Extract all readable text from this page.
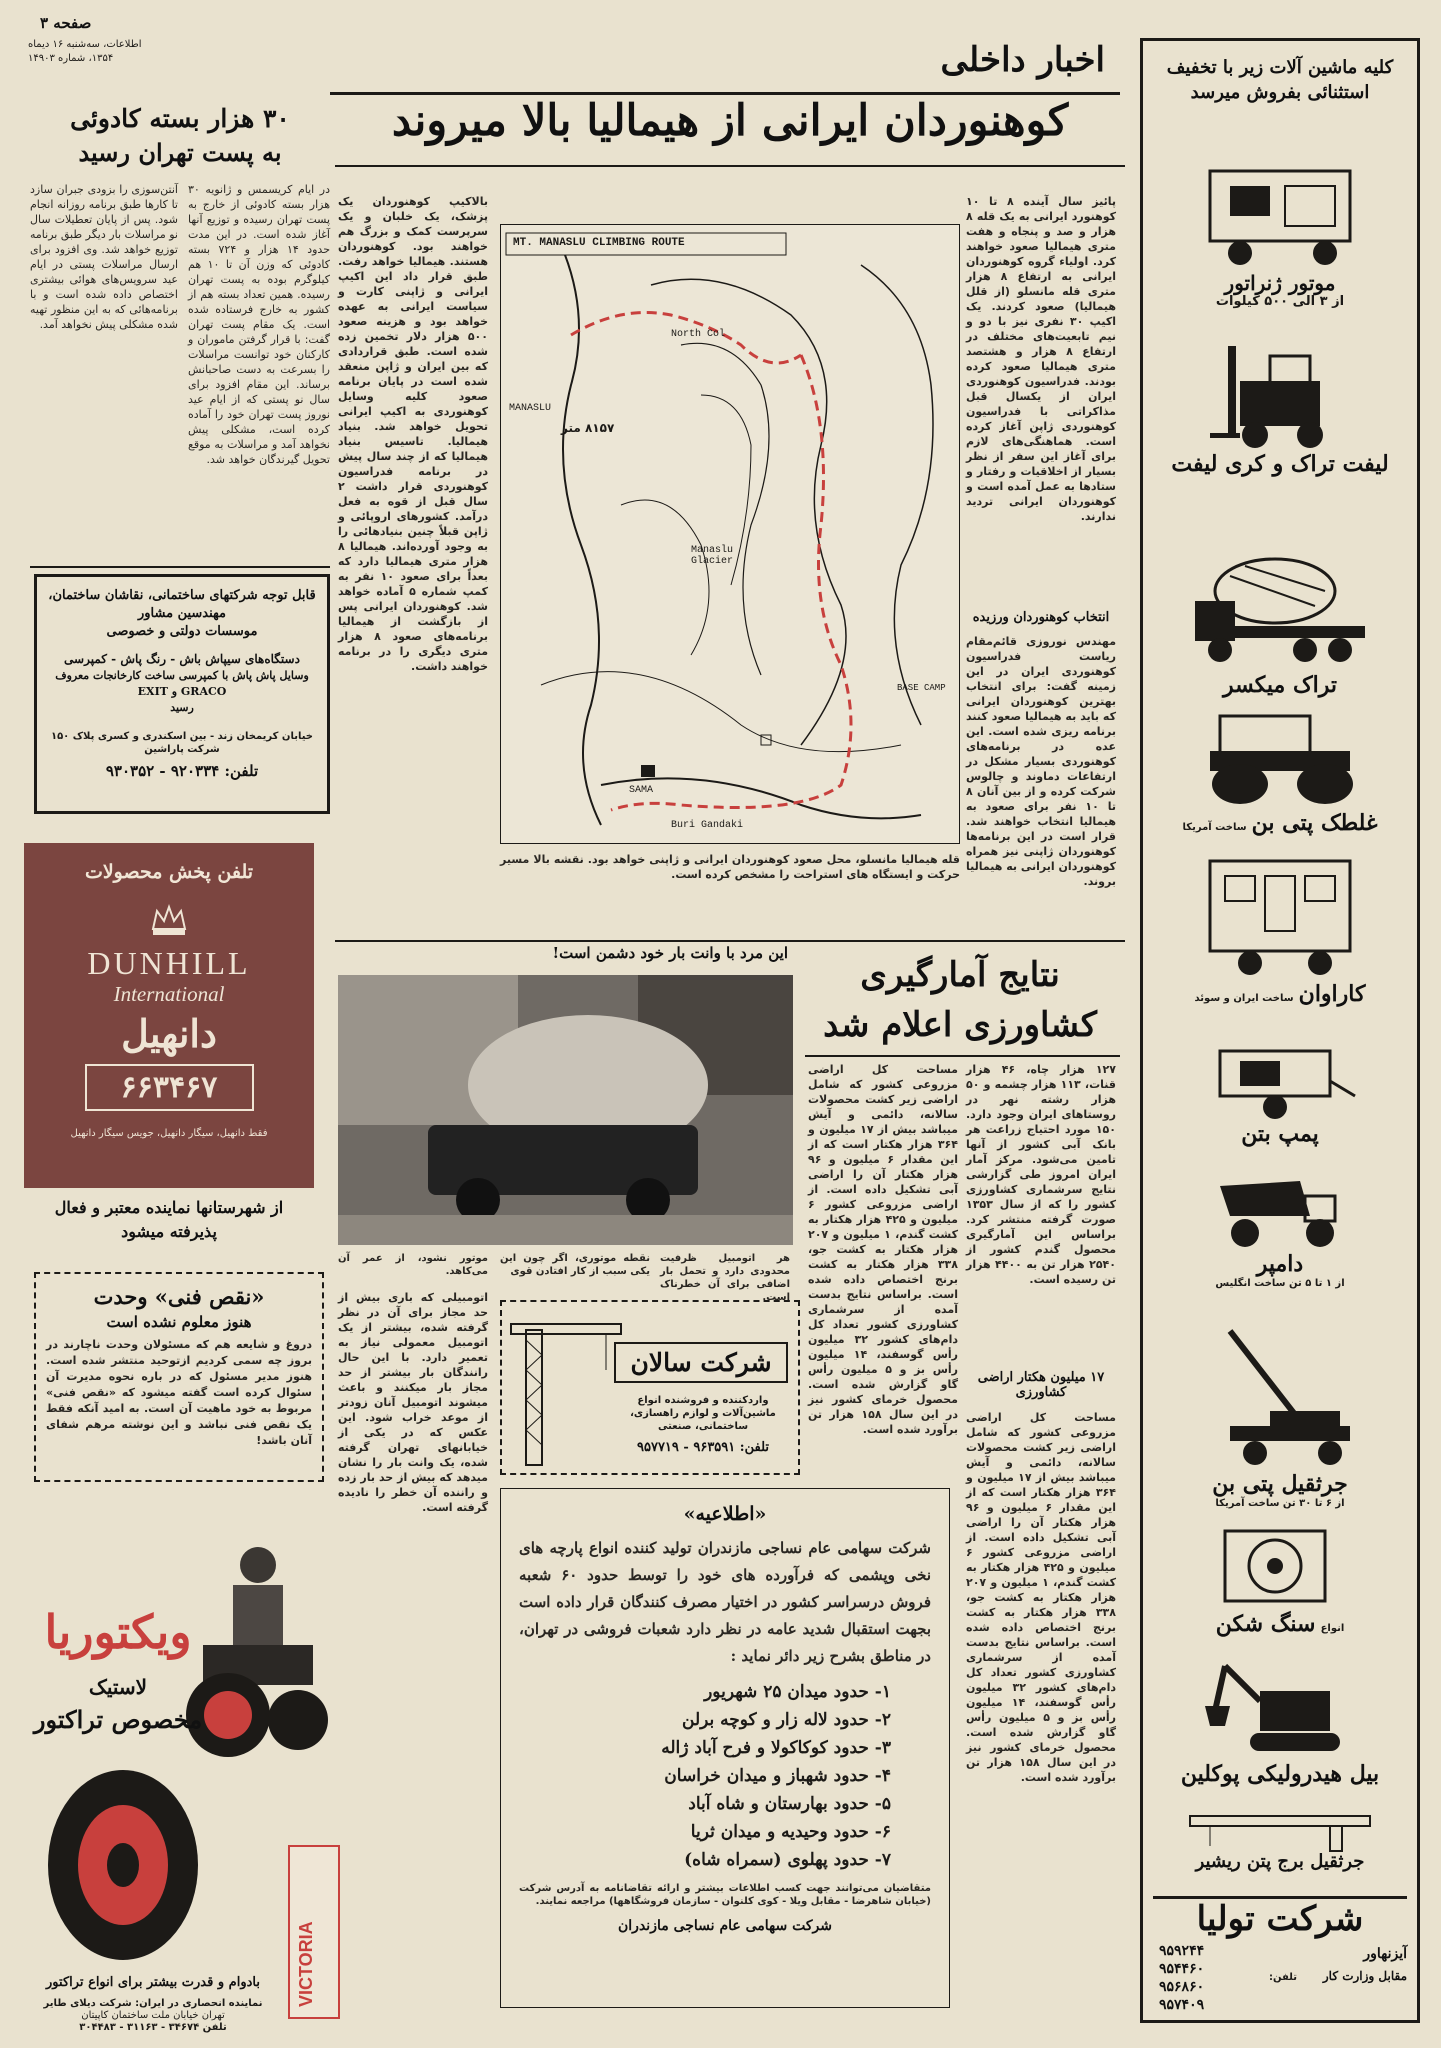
صفحه ۳
اطلاعات، سه‌شنبه ۱۶ دیماه
۱۳۵۴، شماره ۱۴۹۰۳	اخبار داخلی
۳۰ هزار بسته کادوئی
به پست تهران رسید
در ایام کریسمس و ژانویه ۳۰ هزار بسته کادوئی از خارج به پست تهران رسیده و توزیع آنها آغاز شده است. در این مدت حدود ۱۴ هزار و ۷۲۴ بسته کادوئی که وزن آن تا ۱۰ هم کیلوگرم بوده به پست تهران رسیده. همین تعداد بسته هم از کشور به خارج فرستاده شده است. یک مقام پست تهران گفت: با قرار گرفتن ماموران و کارکنان خود توانست مراسلات را بسرعت به دست صاحبانش برساند. این مقام افزود برای سال نو پستی که از ایام عید نوروز پست تهران خود را آماده کرده است، مشکلی پیش نخواهد آمد و مراسلات به موقع تحویل گیرندگان خواهد شد.
آنتن‌سوزی را بزودی جبران سازد تا کارها طبق برنامه روزانه انجام شود. پس از پایان تعطیلات سال نو مراسلات بار دیگر طبق برنامه توزیع خواهد شد. وی افزود برای ارسال مراسلات پستی در ایام عید سرویس‌های هوائی بیشتری اختصاص داده شده است و با برنامه‌هائی که به این منظور تهیه شده مشکلی پیش نخواهد آمد.
قابل توجه شرکتهای ساختمانی، نقاشان ساختمان، مهندسین مشاور
موسسات دولتی و خصوصی
دستگاه‌های سیپاش باش - رنگ پاش - کمپرسی
وسایل پاش پاش با کمپرسی ساخت کارخانجات معروف GRACO و EXIT
رسید
خیابان کریمخان زند - بین اسکندری و کسری پلاک ۱۵۰ شرکت پاراشین
تلفن: ۹۲۰۳۳۴ - ۹۳۰۳۵۲
تلفن پخش محصولات
DUNHILL
International
دانهیل
۶۶۳۴۶۷
فقط دانهیل، سیگار دانهیل، جویس سیگار دانهیل
از شهرستانها نماینده معتبر و فعال
پذیرفته میشود
«نقص فنی» وحدت
هنوز معلوم نشده است
دروغ و شایعه هم که مسئولان وحدت ناچارند در بروز چه سمی کردیم ازتوحید منتشر شده است. هنوز مدیر مسئول که در باره نحوه مدیرت آن سئوال کرده است گفته میشود که «نقص فنی» مربوط به خود ماهیت آن است. به امید آنکه فقط یک نقص فنی نباشد و این نوشته مرهم شفای آنان باشد!
ویکتوریا
لاستیک
مخصوص تراکتور
بادوام و قدرت بیشتر برای انواع تراکتور
نماینده انحصاری در ایران: شرکت دیلای طایر
تهران خیابان ملت ساختمان کاپیتان
تلفن ۳۴۶۷۴ - ۳۱۱۶۳ - ۳۰۴۴۸۳
VICTORIA
کوهنوردان ایرانی از هیمالیا بالا میروند
پائیز سال آینده ۸ تا ۱۰ کوهنورد ایرانی به یک قله ۸ هزار و صد و پنجاه و هفت متری هیمالیا صعود خواهند کرد. اولیاء گروه کوهنوردان ایرانی به ارتفاع ۸ هزار متری قله مانسلو (از قلل هیمالیا) صعود کردند. یک اکیپ ۳۰ نفری نیز با دو و نیم تابعیت‌های مختلف در ارتفاع ۸ هزار و هشتصد متری هیمالیا صعود کرده بودند. فدراسیون کوهنوردی ایران از یکسال قبل مذاکراتی با فدراسیون کوهنوردی ژاپن آغاز کرده است. هماهنگی‌های لازم برای آغاز این سفر از نظر بسیار از اخلاقیات و رفتار و ستادها به عمل آمده است و کوهنوردان ایرانی تردید ندارند.
انتخاب کوهنوردان ورزیده
مهندس نوروزی قائم‌مقام ریاست فدراسیون کوهنوردی ایران در این زمینه گفت: برای انتخاب بهترین کوهنوردان ایرانی که باید به هیمالیا صعود کنند برنامه ریزی شده است. این عده در برنامه‌های کوهنوردی بسیار مشکل در ارتفاعات دماوند و چالوس شرکت کرده و از بین آنان ۸ تا ۱۰ نفر برای صعود به هیمالیا انتخاب خواهند شد. قرار است در این برنامه‌ها کوهنوردان ژاپنی نیز همراه کوهنوردان ایرانی به هیمالیا بروند.
بالاکیپ کوهنوردان یک پزشک، یک خلبان و یک سرپرست کمک و بزرگ هم خواهند بود. کوهنوردان هستند. هیمالیا خواهد رفت. طبق قرار داد این اکیپ ایرانی و ژاپنی کارت و سیاست ایرانی به عهده خواهد بود و هزینه صعود ۵۰۰ هزار دلار تخمین زده شده است. طبق قراردادی که بین ایران و ژاپن منعقد شده است در پایان برنامه صعود کلیه وسایل کوهنوردی به اکیپ ایرانی تحویل خواهد شد. بنیاد هیمالیا. تاسیس بنیاد هیمالیا که از چند سال پیش در برنامه فدراسیون کوهنوردی قرار داشت ۲ سال قبل از قوه به فعل درآمد. کشورهای اروپائی و ژاپن قبلاً چنین بنیادهائی را به وجود آورده‌اند. هیمالیا ۸ هزار متری هیمالیا دارد که بعداً برای صعود ۱۰ نفر به کمپ شماره ۵ آماده خواهد شد. کوهنوردان ایرانی پس از بازگشت از هیمالیا برنامه‌های صعود ۸ هزار متری دیگری را در برنامه خواهند داشت.
MT. MANASLU CLIMBING ROUTE
North Col
MANASLU
۸۱۵۷ متر
Manaslu Glacier
BASE CAMP
SAMA
Buri Gandaki
قله هیمالیا مانسلو، محل صعود کوهنوردان ایرانی و ژاپنی خواهد بود. نقشه بالا مسیر حرکت و ایستگاه های استراحت را مشخص کرده است.
این مرد با وانت بار خود دشمن است!
هر اتومبیل ظرفیت محدودی دارد و تحمل بار اضافی برای آن خطرناک است.
نقطه موتوری، اگر چون این یکی سبب از کار افتادن قوی
موتور نشود، از عمر آن می‌کاهد.
اتومبیلی که باری بیش از حد مجاز برای آن در نظر گرفته شده، بیشتر از یک اتومبیل معمولی نیاز به تعمیر دارد. با این حال رانندگان بار بیشتر از حد مجاز بار میکنند و باعث میشوند اتومبیل آنان زودتر از موعد خراب شود. این عکس که در یکی از خیابانهای تهران گرفته شده، یک وانت بار را نشان میدهد که بیش از حد بار زده و راننده آن خطر را نادیده گرفته است.
شرکت سالان
واردکننده و فروشنده انواع ماشین‌آلات و لوازم راهسازی، ساختمانی، صنعتی
تلفن: ۹۶۳۵۹۱ - ۹۵۷۷۱۹
«اطلاعیه»
شرکت سهامی عام نساجی مازندران تولید کننده انواع پارچه های نخی وپشمی که فرآورده های خود را توسط حدود ۶۰ شعبه فروش درسراسر کشور در اختیار مصرف کنندگان قرار داده است بجهت استقبال شدید عامه در نظر دارد شعبات فروشی در تهران، در مناطق بشرح زیر دائر نماید :
۱- حدود میدان ۲۵ شهریور
۲- حدود لاله زار و کوچه برلن
۳- حدود کوکاکولا و فرح آباد ژاله
۴- حدود شهباز و میدان خراسان
۵- حدود بهارستان و شاه آباد
۶- حدود وحیدیه و میدان ثریا
۷- حدود پهلوی (سمراه شاه)
متقاضیان می‌توانند جهت کسب اطلاعات بیشتر و ارائه تقاضانامه به آدرس شرکت (خیابان شاهرضا - مقابل ویلا - کوی کلنوان - سازمان فروشگاهها) مراجعه نمایند.
شرکت سهامی عام نساجی مازندران
نتایج آمارگیری
کشاورزی اعلام شد
۱۲۷ هزار چاه، ۴۶ هزار قنات، ۱۱۳ هزار چشمه و ۵۰ هزار رشته نهر در روستاهای ایران وجود دارد. ۱۵۰ مورد احتیاج زراعت هر بانک آبی کشور از آنها تامین می‌شود. مرکز آمار ایران امروز طی گزارشی نتایج سرشماری کشاورزی کشور را که از سال ۱۳۵۳ صورت گرفته منتشر کرد. براساس این آمارگیری محصول گندم کشور از ۲۵۴۰ هزار تن به ۴۴۰۰ هزار تن رسیده است.
مساحت کل اراضی مزروعی کشور که شامل اراضی زیر کشت محصولات سالانه، دائمی و آیش میباشد بیش از ۱۷ میلیون و ۳۶۴ هزار هکتار است که از این مقدار ۶ میلیون و ۹۶ هزار هکتار آن را اراضی آبی تشکیل داده است. از اراضی مزروعی کشور ۶ میلیون و ۴۲۵ هزار هکتار به کشت گندم، ۱ میلیون و ۲۰۷ هزار هکتار به کشت جو، ۳۳۸ هزار هکتار به کشت برنج اختصاص داده شده است. براساس نتایج بدست آمده از سرشماری کشاورزی کشور تعداد کل دام‌های کشور ۳۲ میلیون رأس گوسفند، ۱۴ میلیون رأس بز و ۵ میلیون رأس گاو گزارش شده است. محصول خرمای کشور نیز در این سال ۱۵۸ هزار تن برآورد شده است.
۱۷ میلیون هکتار اراضی کشاورزی
مساحت کل اراضی مزروعی کشور که شامل اراضی زیر کشت محصولات سالانه، دائمی و آیش میباشد بیش از ۱۷ میلیون و ۳۶۴ هزار هکتار است که از این مقدار ۶ میلیون و ۹۶ هزار هکتار آن را اراضی آبی تشکیل داده است. از اراضی مزروعی کشور ۶ میلیون و ۴۲۵ هزار هکتار به کشت گندم، ۱ میلیون و ۲۰۷ هزار هکتار به کشت جو، ۳۳۸ هزار هکتار به کشت برنج اختصاص داده شده است. براساس نتایج بدست آمده از سرشماری کشاورزی کشور تعداد کل دام‌های کشور ۳۲ میلیون رأس گوسفند، ۱۴ میلیون رأس بز و ۵ میلیون رأس گاو گزارش شده است. محصول خرمای کشور نیز در این سال ۱۵۸ هزار تن برآورد شده است.
کلیه ماشین آلات زیر با تخفیف
استثنائی بفروش میرسد
موتور ژنراتور
از ۳ الی ۵۰۰ کیلوات
لیفت تراک و کری لیفت
تراک میکسر
غلطک پتی بن ساخت آمریکا
کاراوان ساخت ایران و سوئد
پمپ بتن
دامپر
از ۱ تا ۵ تن ساخت انگلیس
جرثقیل پتی بن
از ۶ تا ۳۰ تن ساخت آمریکا
انواع سنگ شکن
بیل هیدرولیکی پوکلین
جرثقیل برج پتن ریشیر
شرکت تولیا
آیزنهاور
مقابل وزارت کار
تلفن:
۹۵۹۲۴۴
۹۵۴۴۶۰
۹۵۶۸۶۰
۹۵۷۴۰۹
